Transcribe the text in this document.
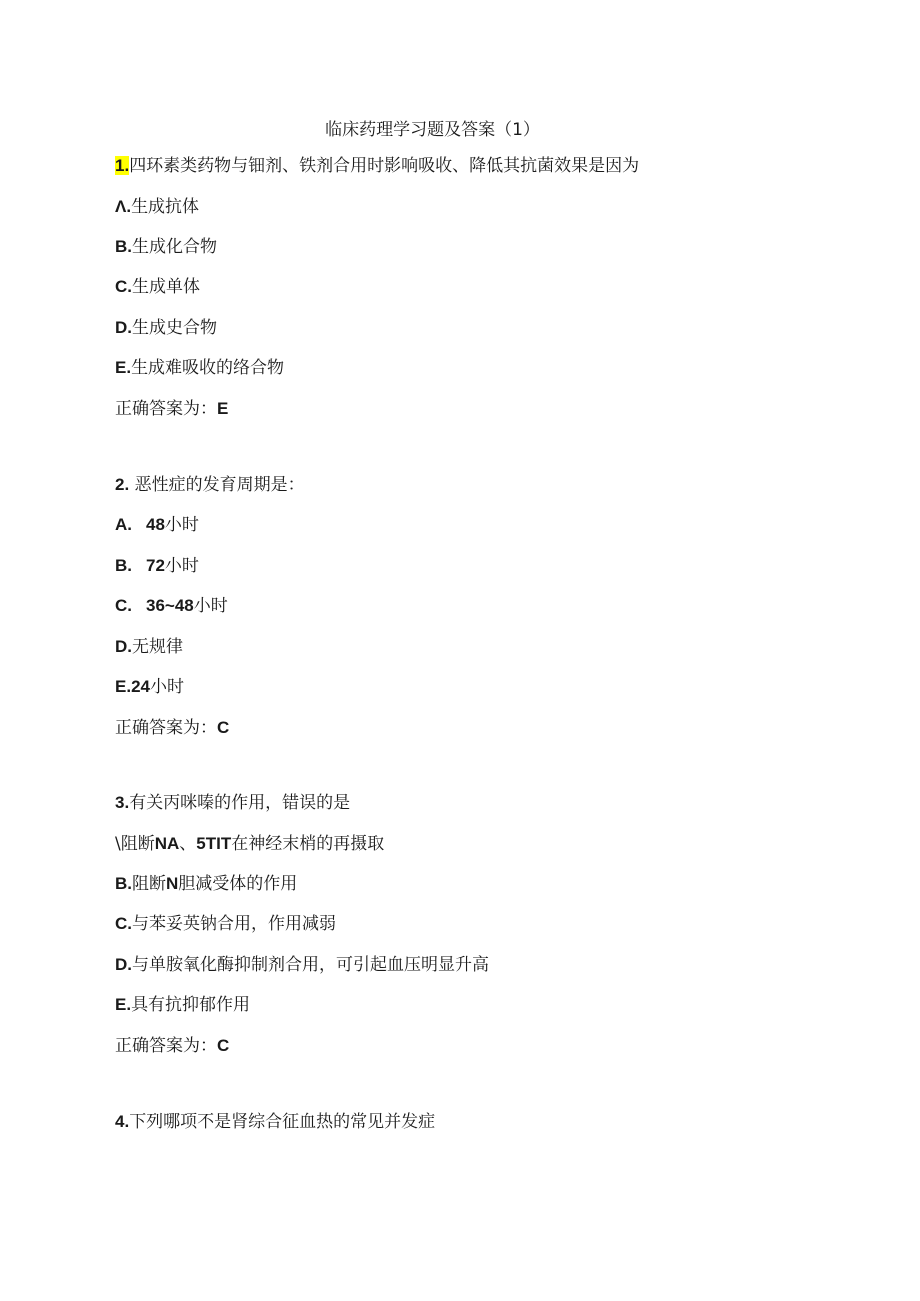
临床药理学习题及答案（1）
1.四环素类药物与钿剂、铁剂合用时影响吸收、降低其抗菌效果是因为
Λ.生成抗体
B.生成化合物
C.生成单体
D.生成史合物
E.生成难吸收的络合物
正确答案为：E
2. 恶性症的发育周期是：
A. 48小时
B. 72小时
C. 36~48小时
D.无规律
E.24小时
正确答案为：C
3.有关丙咪嗪的作用，错误的是
\阻断NA、5TIT在神经末梢的再摄取
B.阻断N胆减受体的作用
C.与苯妥英钠合用，作用减弱
D.与单胺氧化酶抑制剂合用，可引起血压明显升高
E.具有抗抑郁作用
正确答案为：C
4.下列哪项不是肾综合征血热的常见并发症
